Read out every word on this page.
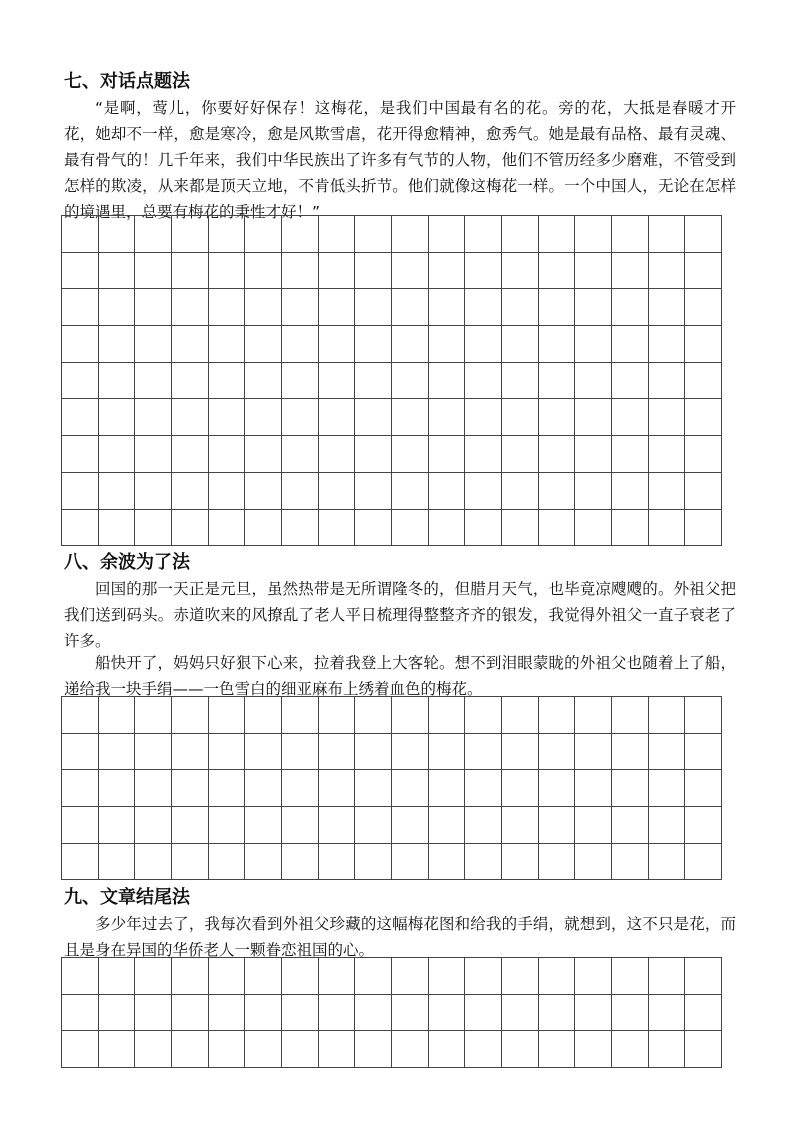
七、对话点题法

“是啊，莺儿，你要好好保存！这梅花，是我们中国最有名的花。旁的花，大抵是春暖才开花，她却不一样，愈是寒冷，愈是风欺雪虐，花开得愈精神，愈秀气。她是最有品格、最有灵魂、最有骨气的！几千年来，我们中华民族出了许多有气节的人物，他们不管历经多少磨难，不管受到怎样的欺凌，从来都是顶天立地，不肯低头折节。他们就像这梅花一样。一个中国人，无论在怎样的境遇里，总要有梅花的秉性才好！”

八、余波为了法

回国的那一天正是元旦，虽然热带是无所谓隆冬的，但腊月天气，也毕竟凉飕飕的。外祖父把我们送到码头。赤道吹来的风撩乱了老人平日梳理得整整齐齐的银发，我觉得外祖父一直子衰老了许多。

船快开了，妈妈只好狠下心来，拉着我登上大客轮。想不到泪眼蒙眬的外祖父也随着上了船，递给我一块手绢——一色雪白的细亚麻布上绣着血色的梅花。

九、文章结尾法

多少年过去了，我每次看到外祖父珍藏的这幅梅花图和给我的手绢，就想到，这不只是花，而且是身在异国的华侨老人一颗眷恋祖国的心。
